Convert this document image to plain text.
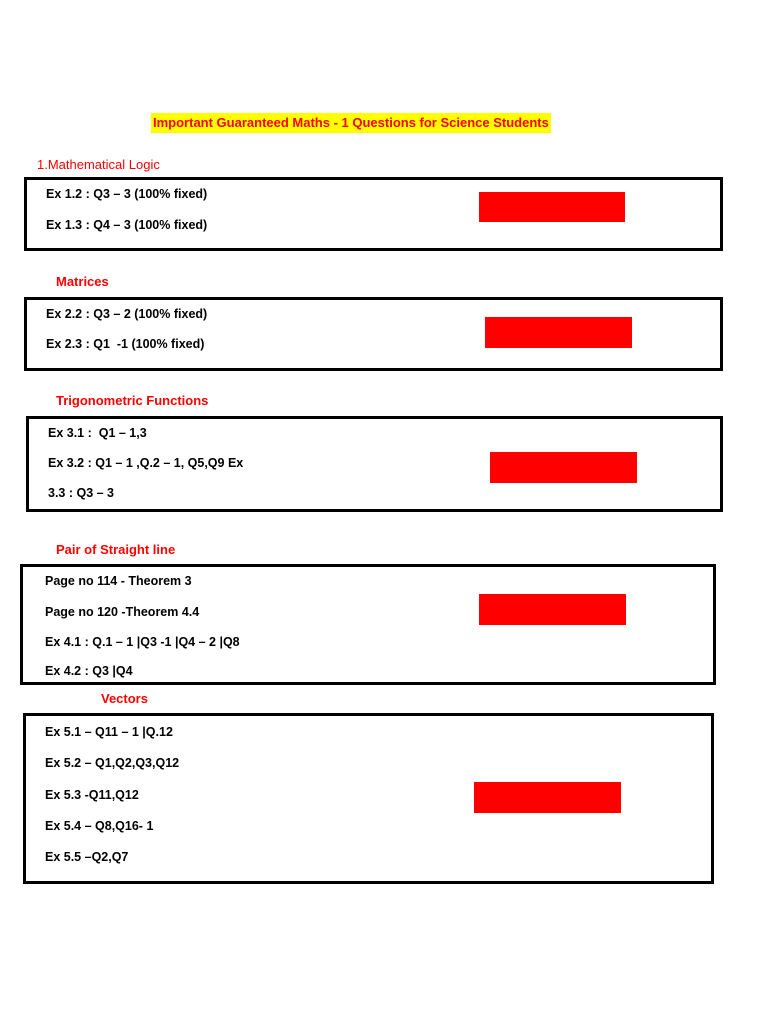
Important Guaranteed Maths - 1 Questions for Science Students
1.Mathematical Logic
Ex 1.2 : Q3 – 3 (100% fixed)
Ex 1.3 : Q4 – 3 (100% fixed)
Matrices
Ex 2.2 : Q3 – 2 (100% fixed)
Ex 2.3 : Q1  -1 (100% fixed)
Trigonometric Functions
Ex 3.1 :  Q1 – 1,3
Ex 3.2 : Q1 – 1 ,Q.2 – 1, Q5,Q9 Ex
3.3 : Q3 – 3
Pair of Straight line
Page no 114 - Theorem 3
Page no 120 -Theorem 4.4
Ex 4.1 : Q.1 – 1 |Q3 -1 |Q4 – 2 |Q8
Ex 4.2 : Q3 |Q4
Vectors
Ex 5.1 – Q11 – 1 |Q.12
Ex 5.2 – Q1,Q2,Q3,Q12
Ex 5.3 -Q11,Q12
Ex 5.4 – Q8,Q16- 1
Ex 5.5 –Q2,Q7
